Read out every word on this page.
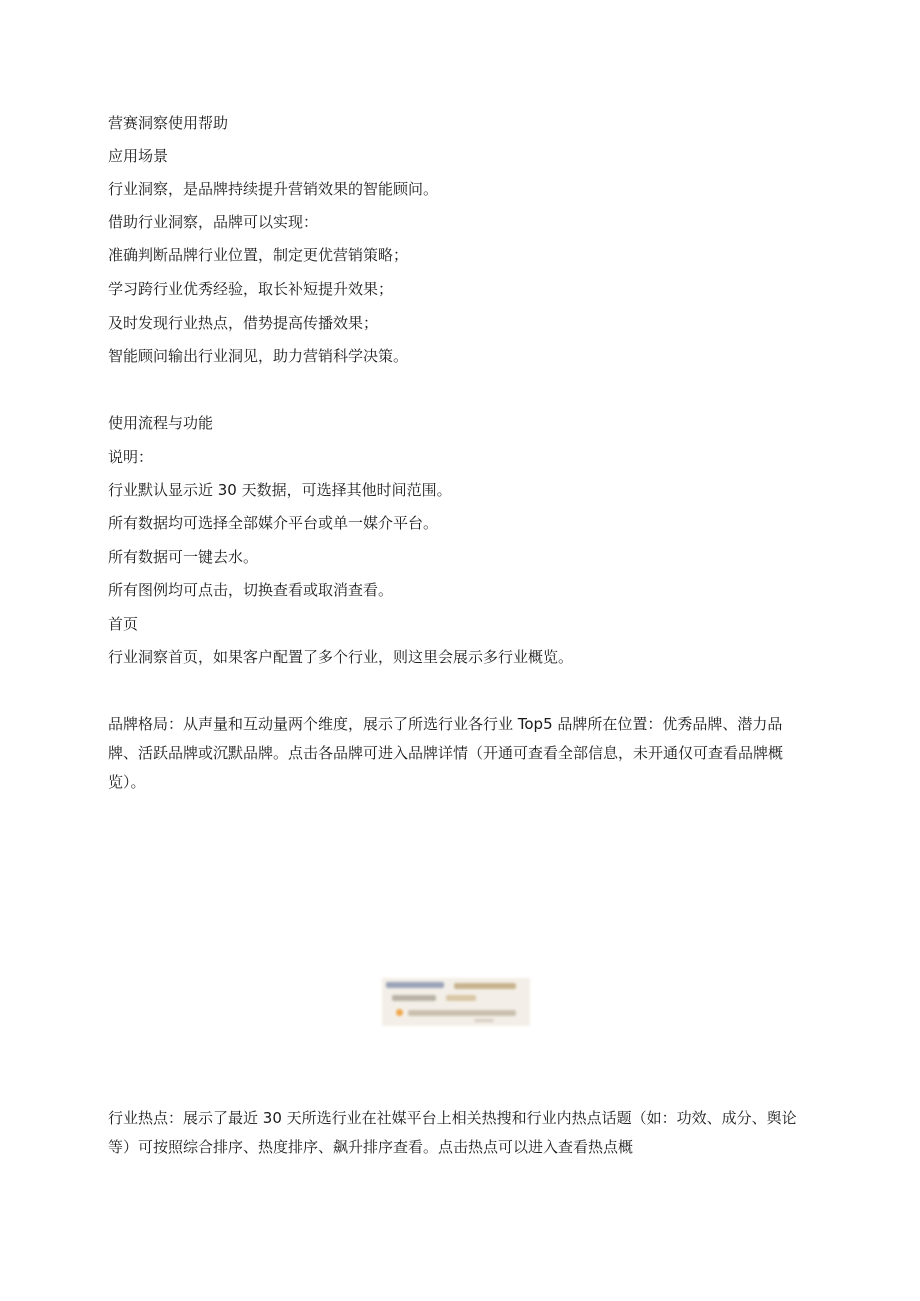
营赛洞察使用帮助

应用场景

行业洞察，是品牌持续提升营销效果的智能顾问。

借助行业洞察，品牌可以实现：

准确判断品牌行业位置，制定更优营销策略；

学习跨行业优秀经验，取长补短提升效果；

及时发现行业热点，借势提高传播效果；

智能顾问输出行业洞见，助力营销科学决策。

使用流程与功能

说明：

行业默认显示近 30 天数据，可选择其他时间范围。

所有数据均可选择全部媒介平台或单一媒介平台。

所有数据可一键去水。

所有图例均可点击，切换查看或取消查看。

首页

行业洞察首页，如果客户配置了多个行业，则这里会展示多行业概览。

品牌格局：从声量和互动量两个维度，展示了所选行业各行业 Top5 品牌所在位置：优秀品牌、潜力品牌、活跃品牌或沉默品牌。点击各品牌可进入品牌详情（开通可查看全部信息，未开通仅可查看品牌概览）。

行业热点：展示了最近 30 天所选行业在社媒平台上相关热搜和行业内热点话题（如：功效、成分、舆论等）可按照综合排序、热度排序、飙升排序查看。点击热点可以进入查看热点概
